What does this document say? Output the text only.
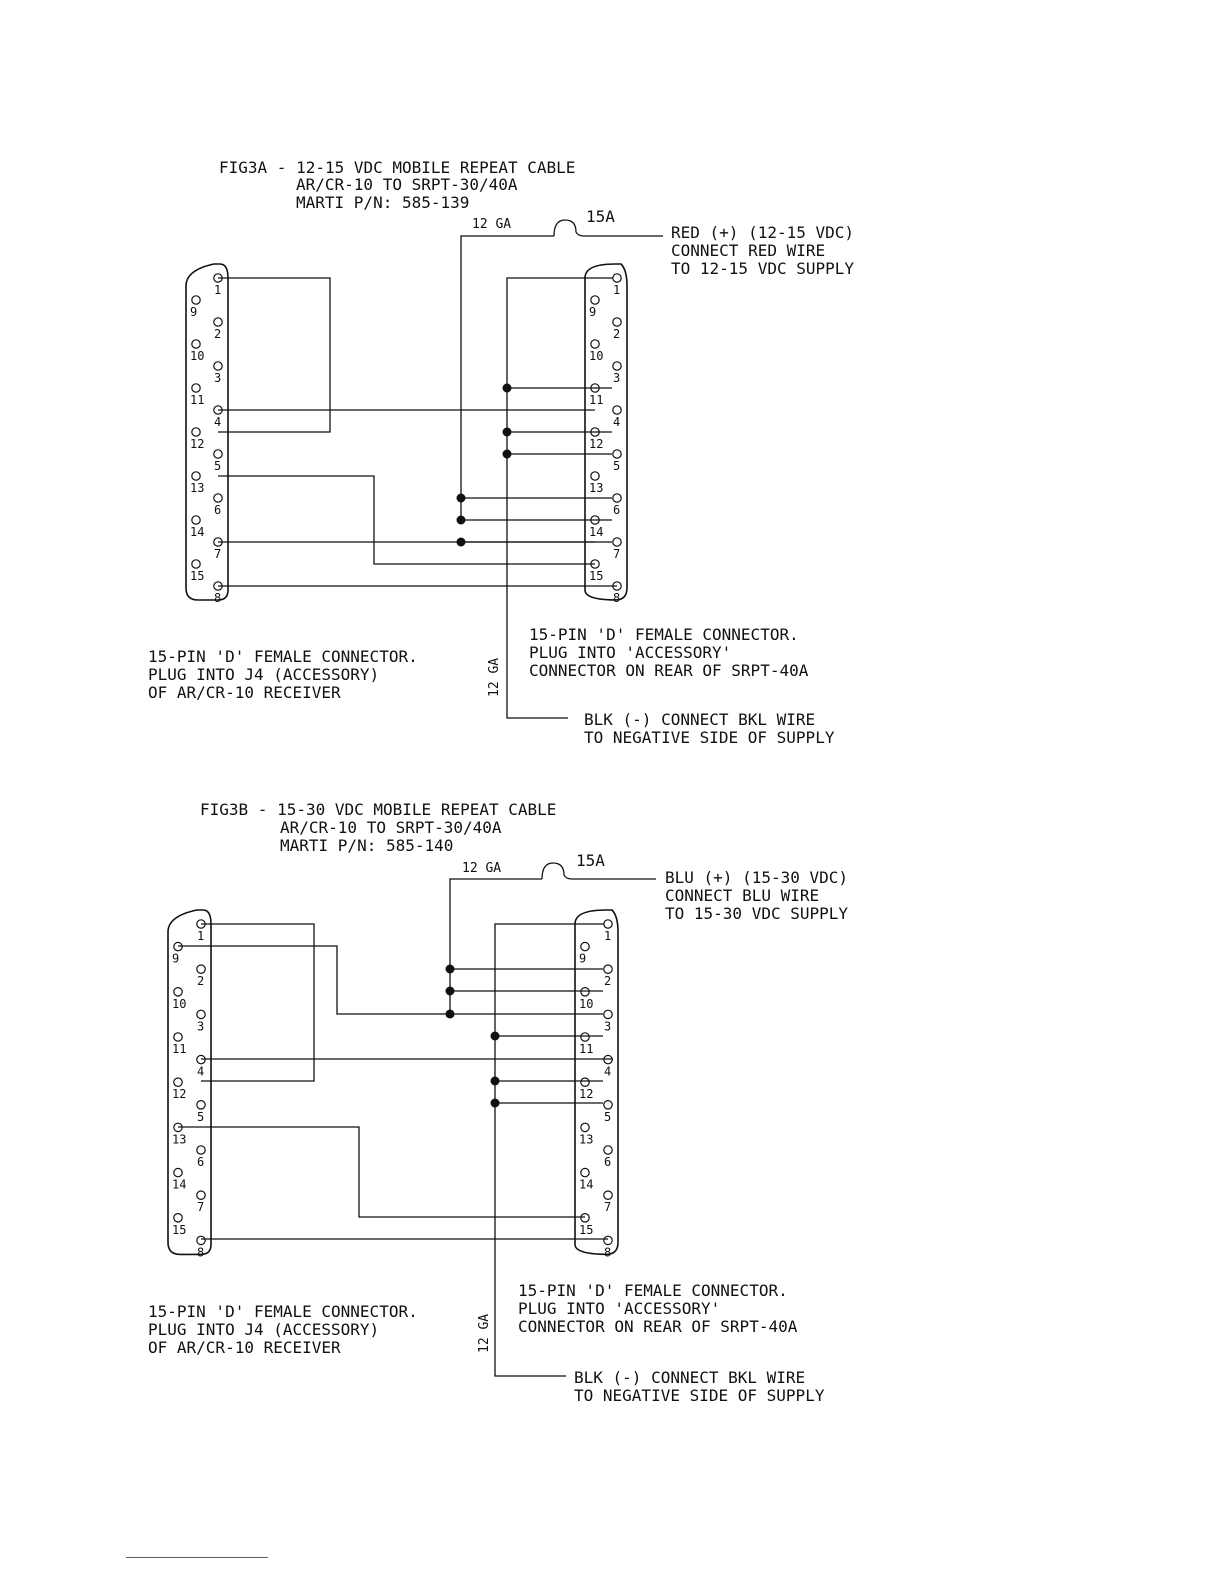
FIG3A - 12-15 VDC MOBILE REPEAT CABLE
AR/CR-10 TO SRPT-30/40A
MARTI P/N: 585-139
1
2
3
4
5
6
7
8
9
10
11
12
13
14
15
1
2
3
4
5
6
7
8
9
10
11
12
13
14
15
12 GA	15A
RED (+) (12-15 VDC)
CONNECT RED WIRE
TO 12-15 VDC SUPPLY
12 GA
15-PIN 'D' FEMALE CONNECTOR.
PLUG INTO 'ACCESSORY'
CONNECTOR ON REAR OF SRPT-40A
15-PIN 'D' FEMALE CONNECTOR.
PLUG INTO J4 (ACCESSORY)
OF AR/CR-10 RECEIVER
BLK (-) CONNECT BKL WIRE
TO NEGATIVE SIDE OF SUPPLY
FIG3B - 15-30 VDC MOBILE REPEAT CABLE
AR/CR-10 TO SRPT-30/40A
MARTI P/N: 585-140
1
2
3
4
5
6
7
8
9
10
11
12
13
14
15
1
2
3
4
5
6
7
8
9
10
11
12
13
14
15
12 GA	15A
BLU (+) (15-30 VDC)
CONNECT BLU WIRE
TO 15-30 VDC SUPPLY
12 GA
15-PIN 'D' FEMALE CONNECTOR.
PLUG INTO 'ACCESSORY'
CONNECTOR ON REAR OF SRPT-40A
15-PIN 'D' FEMALE CONNECTOR.
PLUG INTO J4 (ACCESSORY)
OF AR/CR-10 RECEIVER
BLK (-) CONNECT BKL WIRE
TO NEGATIVE SIDE OF SUPPLY
